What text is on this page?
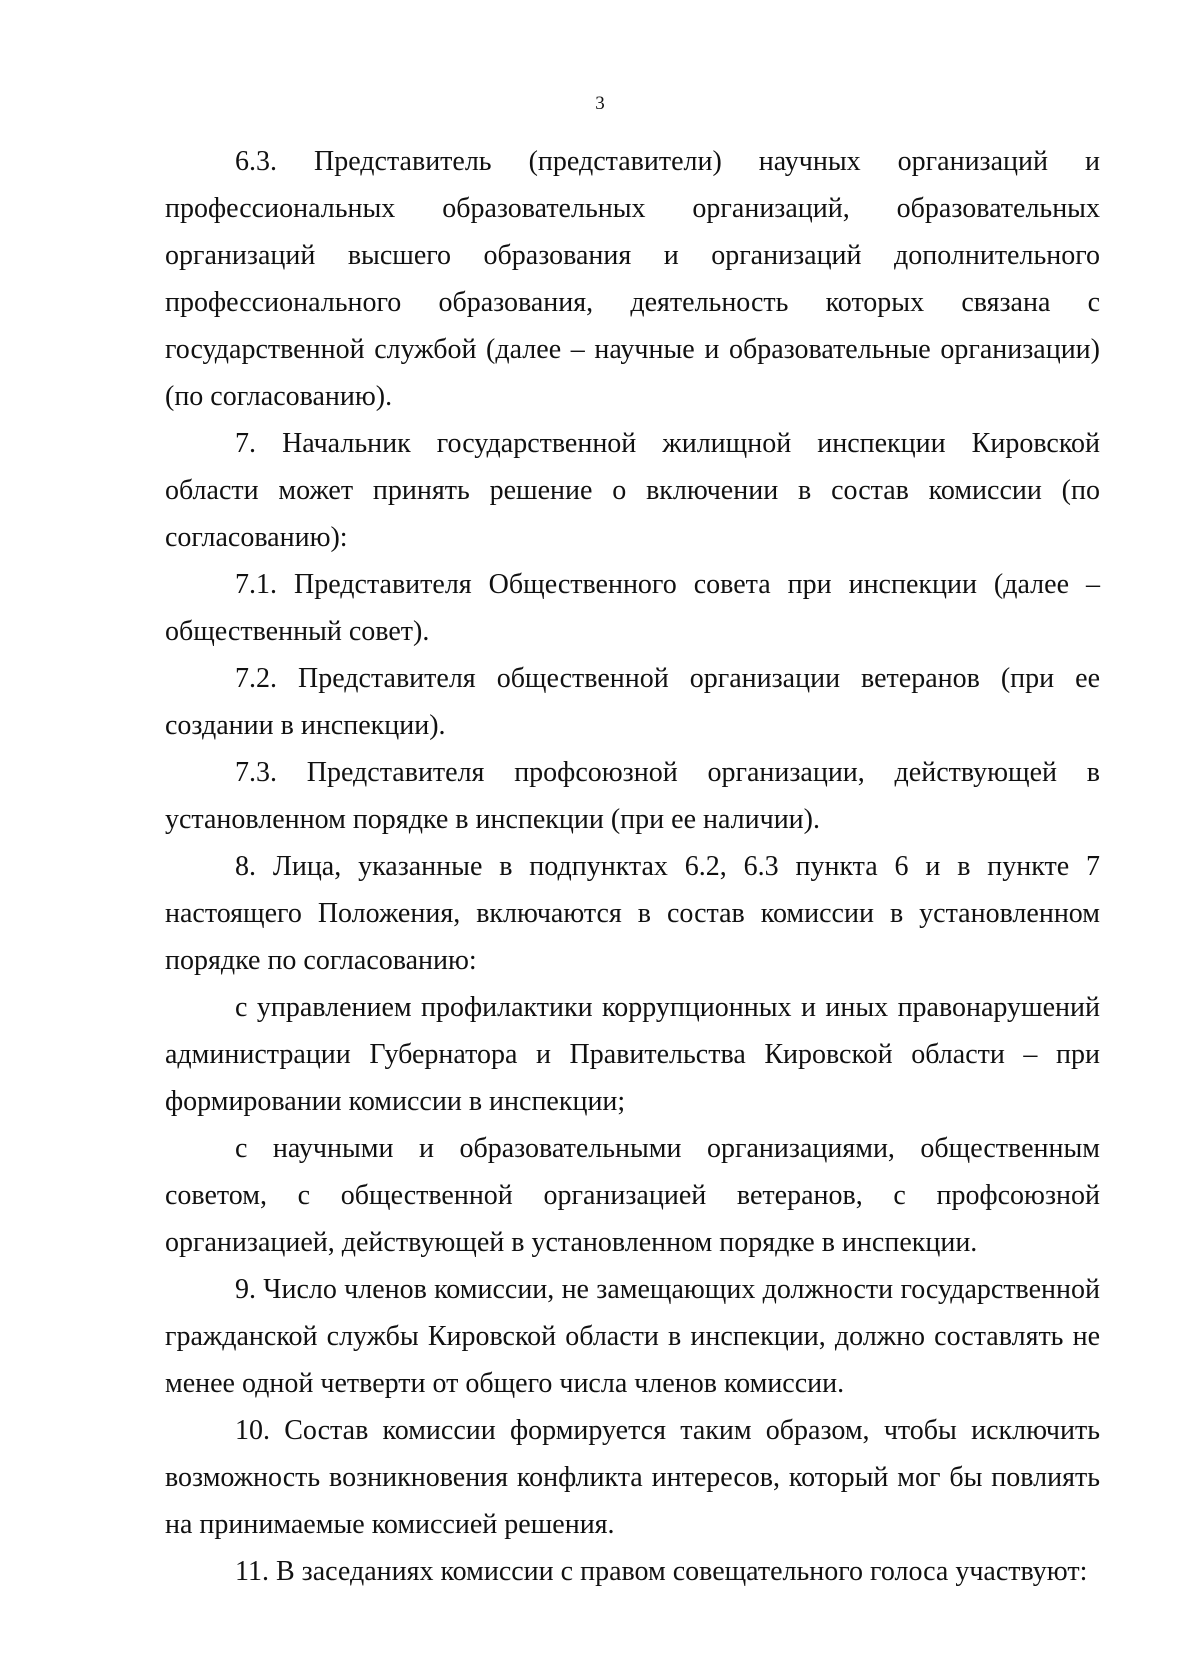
3

6.3. Представитель (представители) научных организаций и профессиональных образовательных организаций, образовательных организаций высшего образования и организаций дополнительного профессионального образования, деятельность которых связана с государственной службой (далее – научные и образовательные организации) (по согласованию).

7. Начальник государственной жилищной инспекции Кировской области может принять решение о включении в состав комиссии (по согласованию):

7.1. Представителя Общественного совета при инспекции (далее – общественный совет).

7.2. Представителя общественной организации ветеранов (при ее создании в инспекции).

7.3. Представителя профсоюзной организации, действующей в установленном порядке в инспекции (при ее наличии).

8. Лица, указанные в подпунктах 6.2, 6.3 пункта 6 и в пункте 7 настоящего Положения, включаются в состав комиссии в установленном порядке по согласованию:

с управлением профилактики коррупционных и иных правонарушений администрации Губернатора и Правительства Кировской области – при формировании комиссии в инспекции;

с научными и образовательными организациями, общественным советом, с общественной организацией ветеранов, с профсоюзной организацией, действующей в установленном порядке в инспекции.

9. Число членов комиссии, не замещающих должности государственной гражданской службы Кировской области в инспекции, должно составлять не менее одной четверти от общего числа членов комиссии.

10. Состав комиссии формируется таким образом, чтобы исключить возможность возникновения конфликта интересов, который мог бы повлиять на принимаемые комиссией решения.

11. В заседаниях комиссии с правом совещательного голоса участвуют:
